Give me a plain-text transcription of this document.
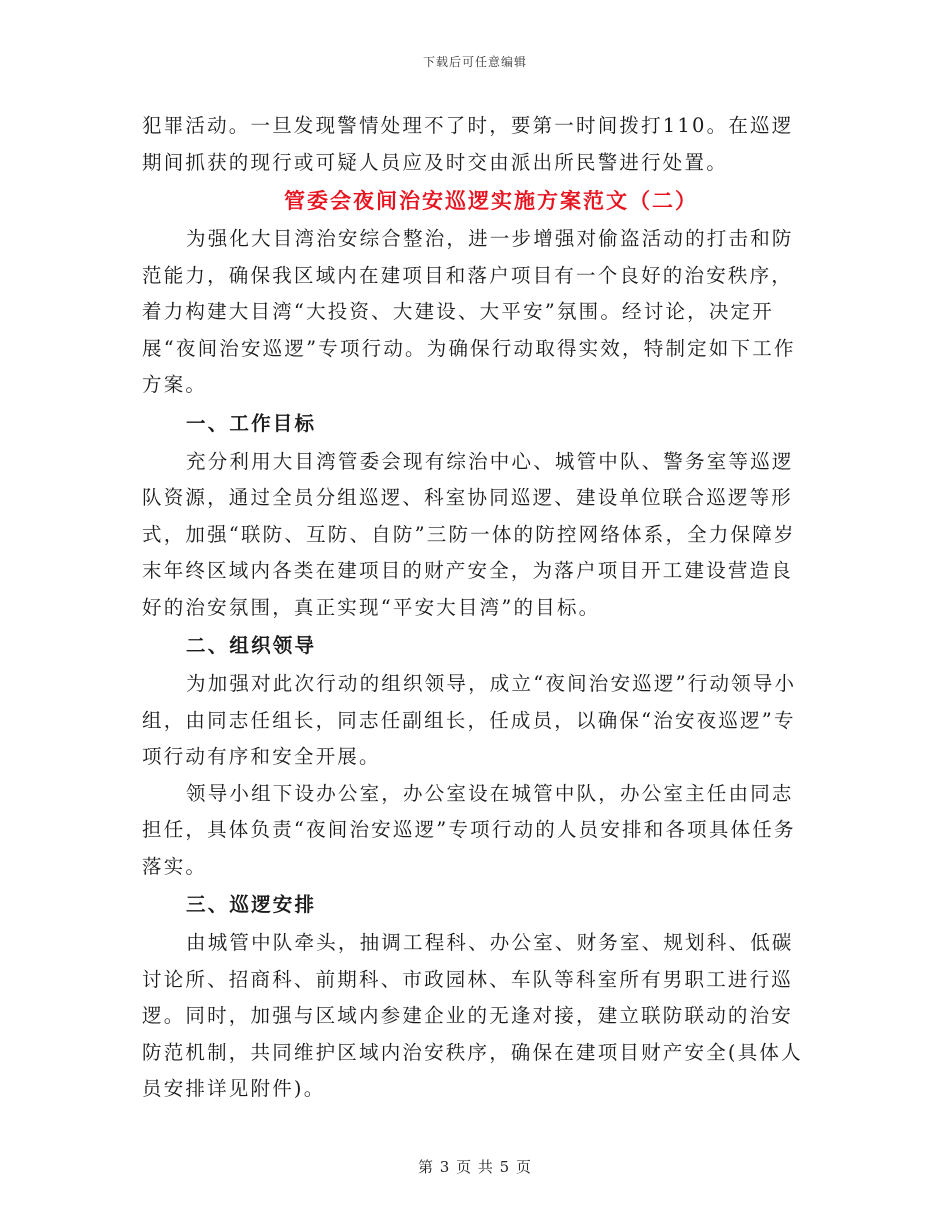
下载后可任意编辑

犯罪活动。一旦发现警情处理不了时，要第一时间拨打110。在巡逻期间抓获的现行或可疑人员应及时交由派出所民警进行处置。

管委会夜间治安巡逻实施方案范文（二）

为强化大目湾治安综合整治，进一步增强对偷盗活动的打击和防范能力，确保我区域内在建项目和落户项目有一个良好的治安秩序，着力构建大目湾“大投资、大建设、大平安”氛围。经讨论，决定开展“夜间治安巡逻”专项行动。为确保行动取得实效，特制定如下工作方案。

一、工作目标

充分利用大目湾管委会现有综治中心、城管中队、警务室等巡逻队资源，通过全员分组巡逻、科室协同巡逻、建设单位联合巡逻等形式，加强“联防、互防、自防”三防一体的防控网络体系，全力保障岁末年终区域内各类在建项目的财产安全，为落户项目开工建设营造良好的治安氛围，真正实现“平安大目湾”的目标。

二、组织领导

为加强对此次行动的组织领导，成立“夜间治安巡逻”行动领导小组，由同志任组长，同志任副组长，任成员，以确保“治安夜巡逻”专项行动有序和安全开展。

领导小组下设办公室，办公室设在城管中队，办公室主任由同志担任，具体负责“夜间治安巡逻”专项行动的人员安排和各项具体任务落实。

三、巡逻安排

由城管中队牵头，抽调工程科、办公室、财务室、规划科、低碳讨论所、招商科、前期科、市政园林、车队等科室所有男职工进行巡逻。同时，加强与区域内参建企业的无逢对接，建立联防联动的治安防范机制，共同维护区域内治安秩序，确保在建项目财产安全(具体人员安排详见附件)。

第 3 页 共 5 页
